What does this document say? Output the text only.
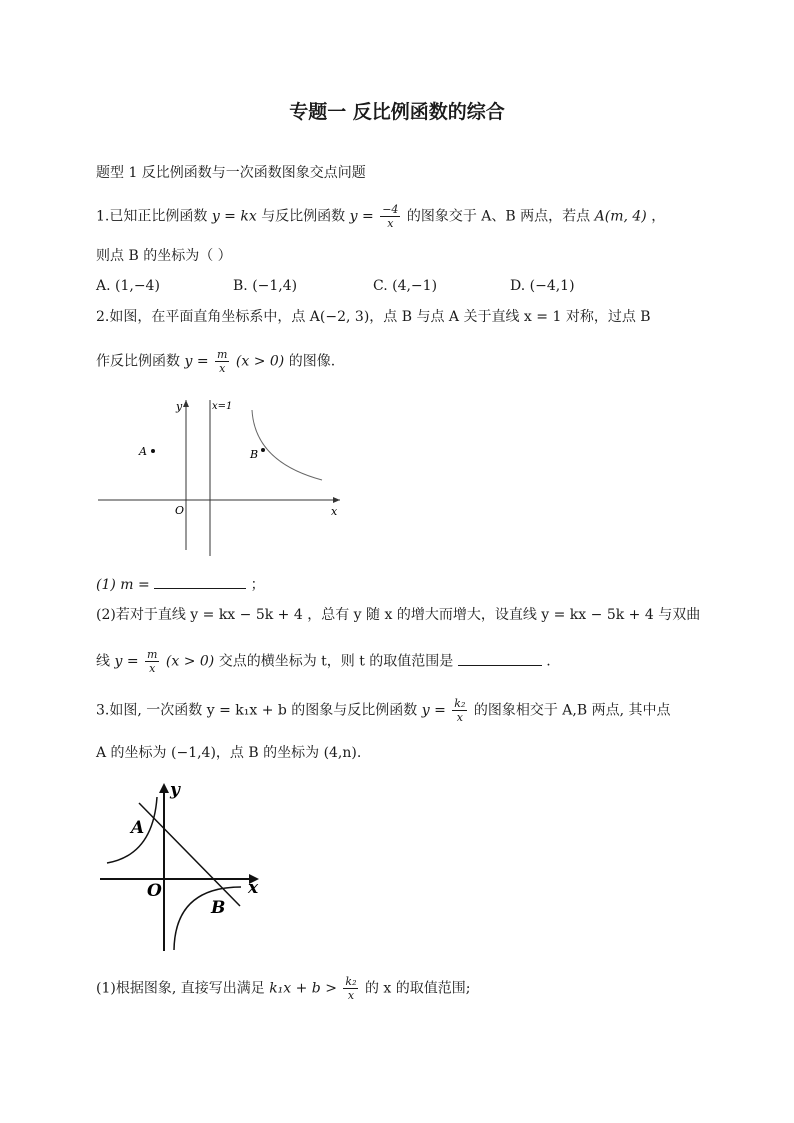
专题一 反比例函数的综合
题型 1 反比例函数与一次函数图象交点问题
1.已知正比例函数 y = kx 与反比例函数 $y = \frac{-4}{x}$ 的图象交于 A、B 两点，若点 A(m, 4) ，
则点 B 的坐标为（ ）
A. (1,−4)	B. (−1,4)	C. (4,−1)	D. (−4,1)
2.如图，在平面直角坐标系中，点 A(−2, 3)，点 B 与点 A 关于直线 x = 1 对称，过点 B
作反比例函数 $y = \frac{m}{x} (x > 0)$ 的图像.
y	x=1
A	B
O	x
(1) m =	；
(2)若对于直线 y = kx − 5k + 4 ，总有 y 随 x 的增大而增大，设直线 y = kx − 5k + 4 与双曲
线 $y = \frac{m}{x} (x > 0)$ 交点的横坐标为 t，则 t 的取值范围是	.
3.如图, 一次函数 y = k₁x + b 的图象与反比例函数 $y = \frac{\text{k₂}}{x}$ 的图象相交于 A,B 两点, 其中点
A 的坐标为 (−1,4)，点 B 的坐标为 (4,n).
y
A
O	x
B
(1)根据图象, 直接写出满足 $k_1x + b > \frac{\text{k₂}}{x}$ 的 x 的取值范围;
